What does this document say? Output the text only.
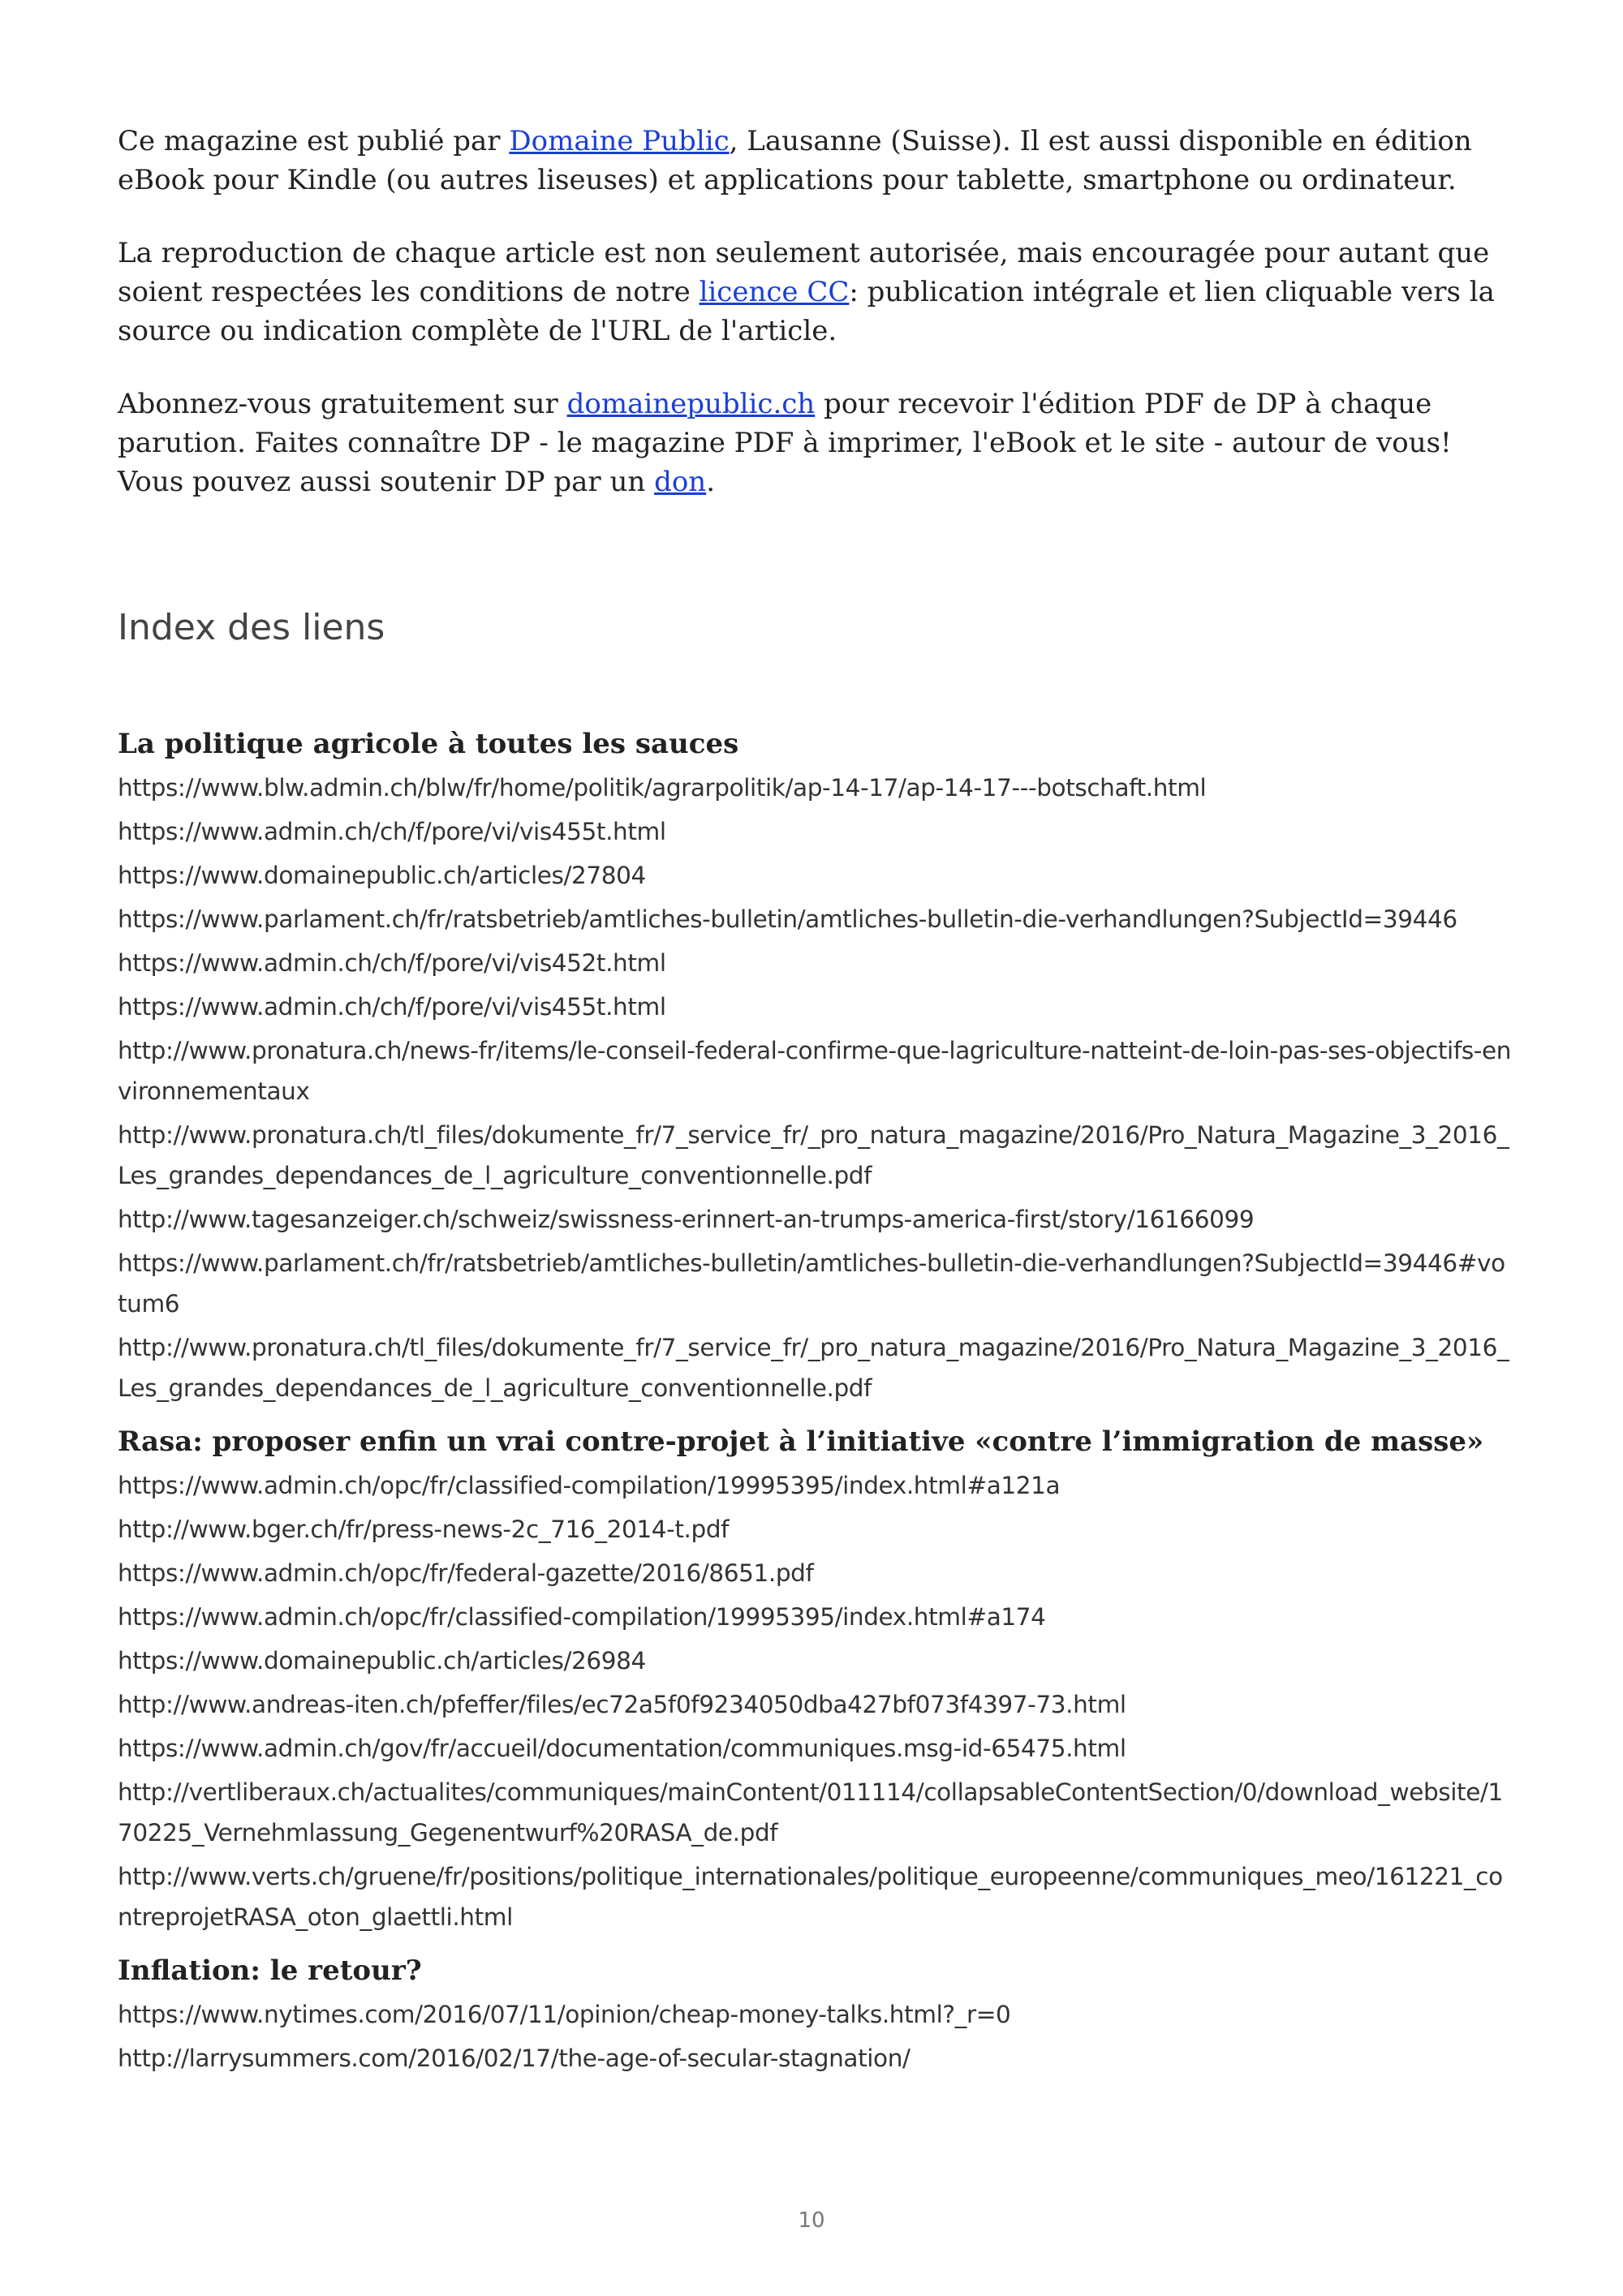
Ce magazine est publié par Domaine Public, Lausanne (Suisse). Il est aussi disponible en édition eBook pour Kindle (ou autres liseuses) et applications pour tablette, smartphone ou ordinateur.

La reproduction de chaque article est non seulement autorisée, mais encouragée pour autant que soient respectées les conditions de notre licence CC: publication intégrale et lien cliquable vers la source ou indication complète de l'URL de l'article.

Abonnez-vous gratuitement sur domainepublic.ch pour recevoir l'édition PDF de DP à chaque parution. Faites connaître DP - le magazine PDF à imprimer, l'eBook et le site - autour de vous! Vous pouvez aussi soutenir DP par un don.

Index des liens
La politique agricole à toutes les sauces
https://www.blw.admin.ch/blw/fr/home/politik/agrarpolitik/ap-14-17/ap-14-17---botschaft.html
https://www.admin.ch/ch/f/pore/vi/vis455t.html
https://www.domainepublic.ch/articles/27804
https://www.parlament.ch/fr/ratsbetrieb/amtliches-bulletin/amtliches-bulletin-die-verhandlungen?SubjectId=39446
https://www.admin.ch/ch/f/pore/vi/vis452t.html
https://www.admin.ch/ch/f/pore/vi/vis455t.html
http://www.pronatura.ch/news-fr/items/le-conseil-federal-confirme-que-lagriculture-natteint-de-loin-pas-ses-objectifs-environnementaux
http://www.pronatura.ch/tl_files/dokumente_fr/7_service_fr/_pro_natura_magazine/2016/Pro_Natura_Magazine_3_2016_Les_grandes_dependances_de_l_agriculture_conventionnelle.pdf
http://www.tagesanzeiger.ch/schweiz/swissness-erinnert-an-trumps-america-first/story/16166099
https://www.parlament.ch/fr/ratsbetrieb/amtliches-bulletin/amtliches-bulletin-die-verhandlungen?SubjectId=39446#votum6
http://www.pronatura.ch/tl_files/dokumente_fr/7_service_fr/_pro_natura_magazine/2016/Pro_Natura_Magazine_3_2016_Les_grandes_dependances_de_l_agriculture_conventionnelle.pdf
Rasa: proposer enfin un vrai contre-projet à l’initiative «contre l’immigration de masse»
https://www.admin.ch/opc/fr/classified-compilation/19995395/index.html#a121a
http://www.bger.ch/fr/press-news-2c_716_2014-t.pdf
https://www.admin.ch/opc/fr/federal-gazette/2016/8651.pdf
https://www.admin.ch/opc/fr/classified-compilation/19995395/index.html#a174
https://www.domainepublic.ch/articles/26984
http://www.andreas-iten.ch/pfeffer/files/ec72a5f0f9234050dba427bf073f4397-73.html
https://www.admin.ch/gov/fr/accueil/documentation/communiques.msg-id-65475.html
http://vertliberaux.ch/actualites/communiques/mainContent/011114/collapsableContentSection/0/download_website/170225_Vernehmlassung_Gegenentwurf%20RASA_de.pdf
http://www.verts.ch/gruene/fr/positions/politique_internationales/politique_europeenne/communiques_meo/161221_contreprojetRASA_oton_glaettli.html
Inflation: le retour?
https://www.nytimes.com/2016/07/11/opinion/cheap-money-talks.html?_r=0
http://larrysummers.com/2016/02/17/the-age-of-secular-stagnation/
10
